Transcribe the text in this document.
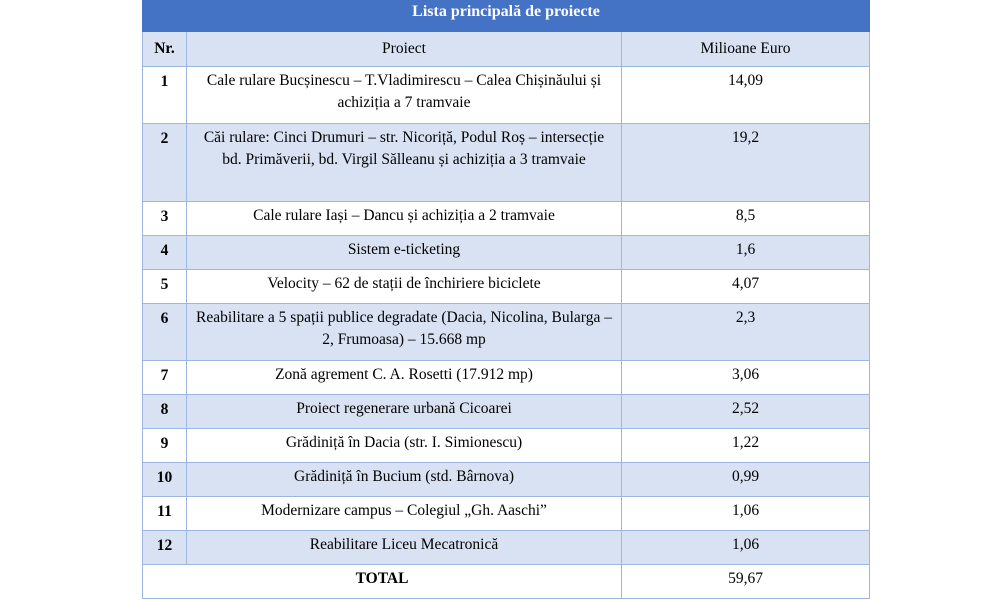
Lista principală de proiecte		
Nr.	Proiect	Milioane Euro
1	Cale rulare Bucșinescu – T.Vladimirescu – Calea Chișinăului și achiziția a 7 tramvaie	14,09
2	Căi rulare: Cinci Drumuri – str. Nicoriță, Podul Roș – intersecție bd. Primăverii, bd. Virgil Sălleanu și achiziția a 3 tramvaie	19,2
3	Cale rulare Iași – Dancu și achiziția a 2 tramvaie	8,5
4	Sistem e-ticketing	1,6
5	Velocity – 62 de stații de închiriere biciclete	4,07
6	Reabilitare a 5 spații publice degradate (Dacia, Nicolina, Bularga – 2, Frumoasa) – 15.668 mp	2,3
7	Zonă agrement C. A. Rosetti (17.912 mp)	3,06
8	Proiect regenerare urbană Cicoarei	2,52
9	Grădiniță în Dacia (str. I. Simionescu)	1,22
10	Grădiniță în Bucium (std. Bârnova)	0,99
11	Modernizare campus – Colegiul „Gh. Aaschi”	1,06
12	Reabilitare Liceu Mecatronică	1,06
TOTAL		59,67
